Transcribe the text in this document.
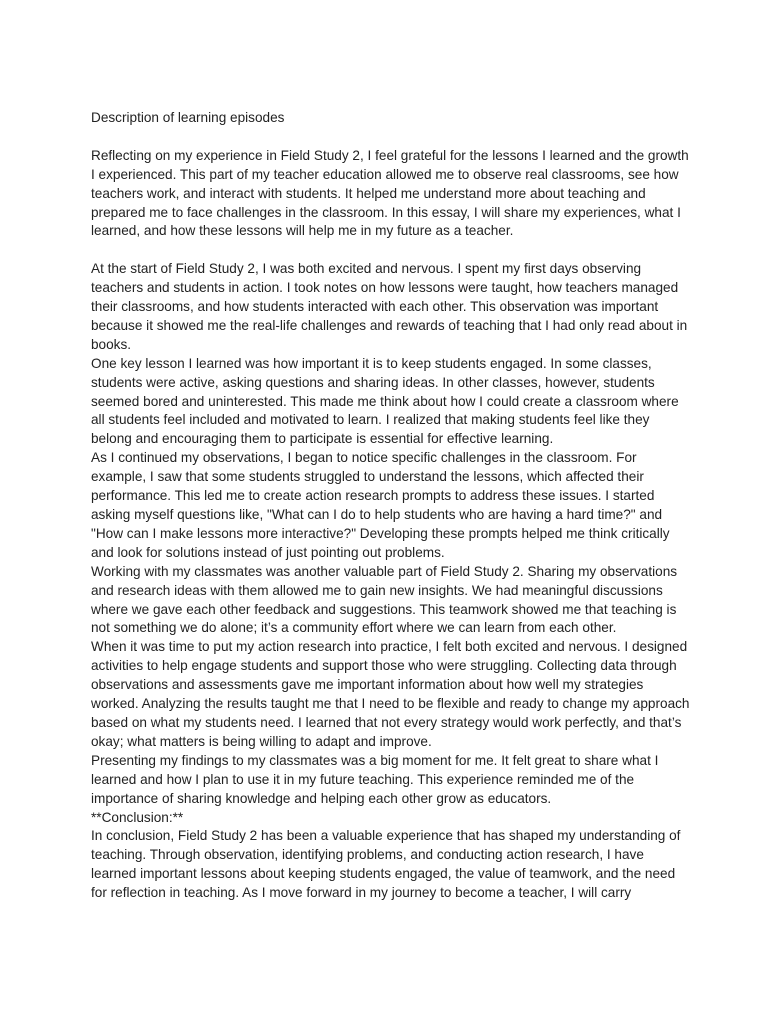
Description of learning episodes

Reflecting on my experience in Field Study 2, I feel grateful for the lessons I learned and the growth I experienced. This part of my teacher education allowed me to observe real classrooms, see how teachers work, and interact with students. It helped me understand more about teaching and prepared me to face challenges in the classroom. In this essay, I will share my experiences, what I learned, and how these lessons will help me in my future as a teacher.

At the start of Field Study 2, I was both excited and nervous. I spent my first days observing teachers and students in action. I took notes on how lessons were taught, how teachers managed their classrooms, and how students interacted with each other. This observation was important because it showed me the real-life challenges and rewards of teaching that I had only read about in books.

One key lesson I learned was how important it is to keep students engaged. In some classes, students were active, asking questions and sharing ideas. In other classes, however, students seemed bored and uninterested. This made me think about how I could create a classroom where all students feel included and motivated to learn. I realized that making students feel like they belong and encouraging them to participate is essential for effective learning.

As I continued my observations, I began to notice specific challenges in the classroom. For example, I saw that some students struggled to understand the lessons, which affected their performance. This led me to create action research prompts to address these issues. I started asking myself questions like, "What can I do to help students who are having a hard time?" and "How can I make lessons more interactive?" Developing these prompts helped me think critically and look for solutions instead of just pointing out problems.

Working with my classmates was another valuable part of Field Study 2. Sharing my observations and research ideas with them allowed me to gain new insights. We had meaningful discussions where we gave each other feedback and suggestions. This teamwork showed me that teaching is not something we do alone; it’s a community effort where we can learn from each other.

When it was time to put my action research into practice, I felt both excited and nervous. I designed activities to help engage students and support those who were struggling. Collecting data through observations and assessments gave me important information about how well my strategies worked. Analyzing the results taught me that I need to be flexible and ready to change my approach based on what my students need. I learned that not every strategy would work perfectly, and that’s okay; what matters is being willing to adapt and improve.

Presenting my findings to my classmates was a big moment for me. It felt great to share what I learned and how I plan to use it in my future teaching. This experience reminded me of the importance of sharing knowledge and helping each other grow as educators.

**Conclusion:**

In conclusion, Field Study 2 has been a valuable experience that has shaped my understanding of teaching. Through observation, identifying problems, and conducting action research, I have learned important lessons about keeping students engaged, the value of teamwork, and the need for reflection in teaching. As I move forward in my journey to become a teacher, I will carry
